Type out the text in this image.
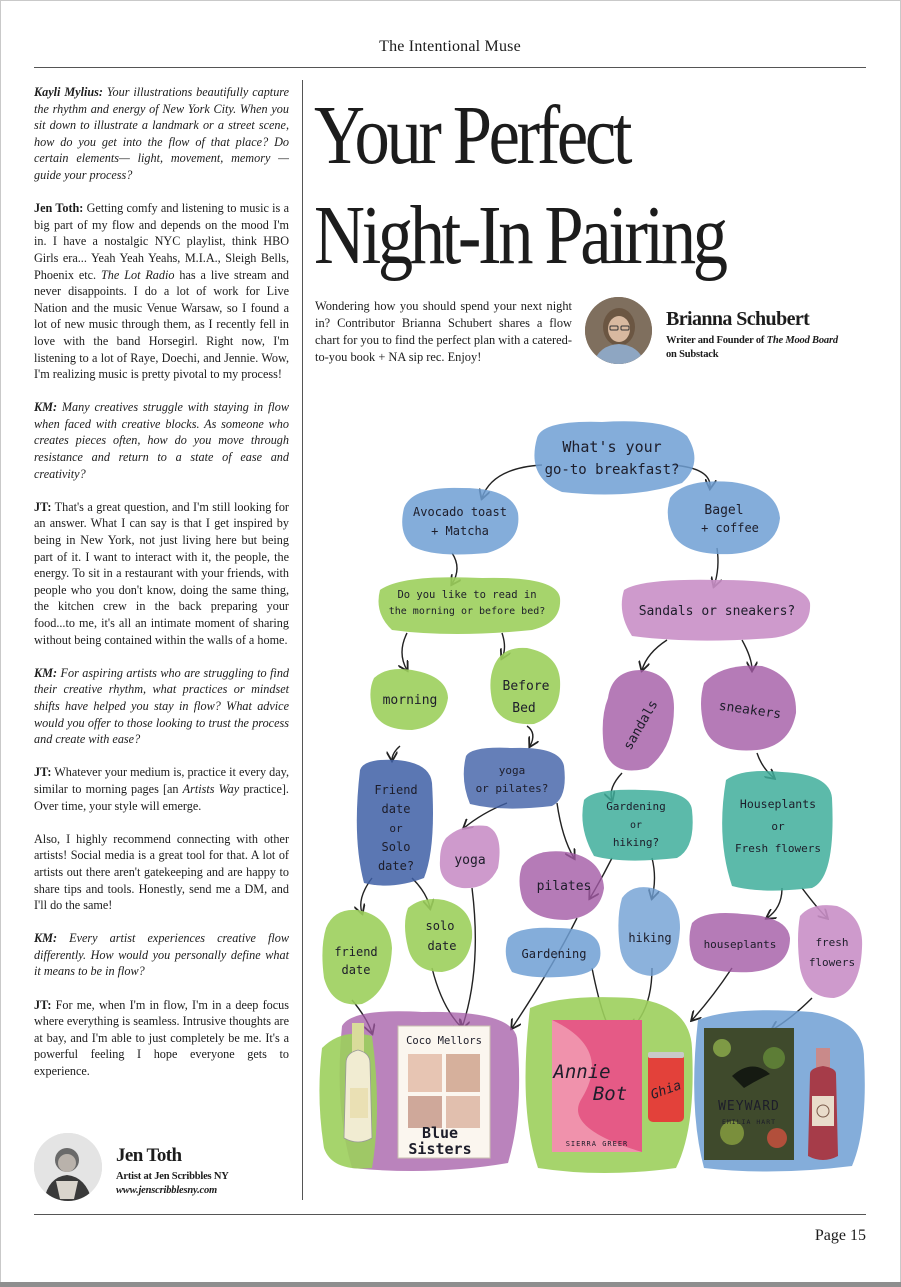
The Intentional Muse

Kayli Mylius: Your illustrations beautifully capture the rhythm and energy of New York City. When you sit down to illustrate a landmark or a street scene, how do you get into the flow of that place? Do certain elements— light, movement, memory — guide your process?

Jen Toth: Getting comfy and listening to music is a big part of my flow and depends on the mood I'm in. I have a nostalgic NYC playlist, think HBO Girls era... Yeah Yeah Yeahs, M.I.A., Sleigh Bells, Phoenix etc. The Lot Radio has a live stream and never disappoints. I do a lot of work for Live Nation and the music Venue Warsaw, so I found a lot of new music through them, as I recently fell in love with the band Horsegirl. Right now, I'm listening to a lot of Raye, Doechi, and Jennie. Wow, I'm realizing music is pretty pivotal to my process!

KM: Many creatives struggle with staying in flow when faced with creative blocks. As someone who creates pieces often, how do you move through resistance and return to a state of ease and creativity?

JT: That's a great question, and I'm still looking for an answer. What I can say is that I get inspired by being in New York, not just living here but being part of it. I want to interact with it, the people, the energy. To sit in a restaurant with your friends, with people who you don't know, doing the same thing, the kitchen crew in the back preparing your food...to me, it's all an intimate moment of sharing without being contained within the walls of a home.

KM: For aspiring artists who are struggling to find their creative rhythm, what practices or mindset shifts have helped you stay in flow? What advice would you offer to those looking to trust the process and create with ease?

JT: Whatever your medium is, practice it every day, similar to morning pages [an Artists Way practice]. Over time, your style will emerge.

Also, I highly recommend connecting with other artists! Social media is a great tool for that. A lot of artists out there aren't gatekeeping and are happy to share tips and tools. Honestly, send me a DM, and I'll do the same!

KM: Every artist experiences creative flow differently. How would you personally define what it means to be in flow?

JT: For me, when I'm in flow, I'm in a deep focus where everything is seamless. Intrusive thoughts are at bay, and I'm able to just completely be me. It's a powerful feeling I hope everyone gets to experience.

Jen Toth
Artist at Jen Scribbles NY
www.jenscribblesny.com
Your Perfect
Night-In Pairing
Wondering how you should spend your next night in? Contributor Brianna Schubert shares a flow chart for you to find the perfect plan with a catered-to-you book + NA sip rec. Enjoy!
Brianna Schubert
Writer and Founder of The Mood Board
on Substack
What's your
go-to breakfast?
Avocado toast
+ Matcha
Bagel
+ coffee
Do you like to read in
the morning or before bed?	Sandals or sneakers?
morning
Before
Bed	sandals	sneakers
Friend
date
or
Solo
date?
yoga
or pilates?
Gardening
or
hiking?
Houseplants
or
Fresh flowers
yoga
pilates
friend
date
solo
date
Gardening
hiking	houseplants	fresh
flowers
Coco Mellors
Blue
Sisters
Annie
Bot
SIERRA GREER
Ghia
WEYWARD
EMILIA HART
Page 15
